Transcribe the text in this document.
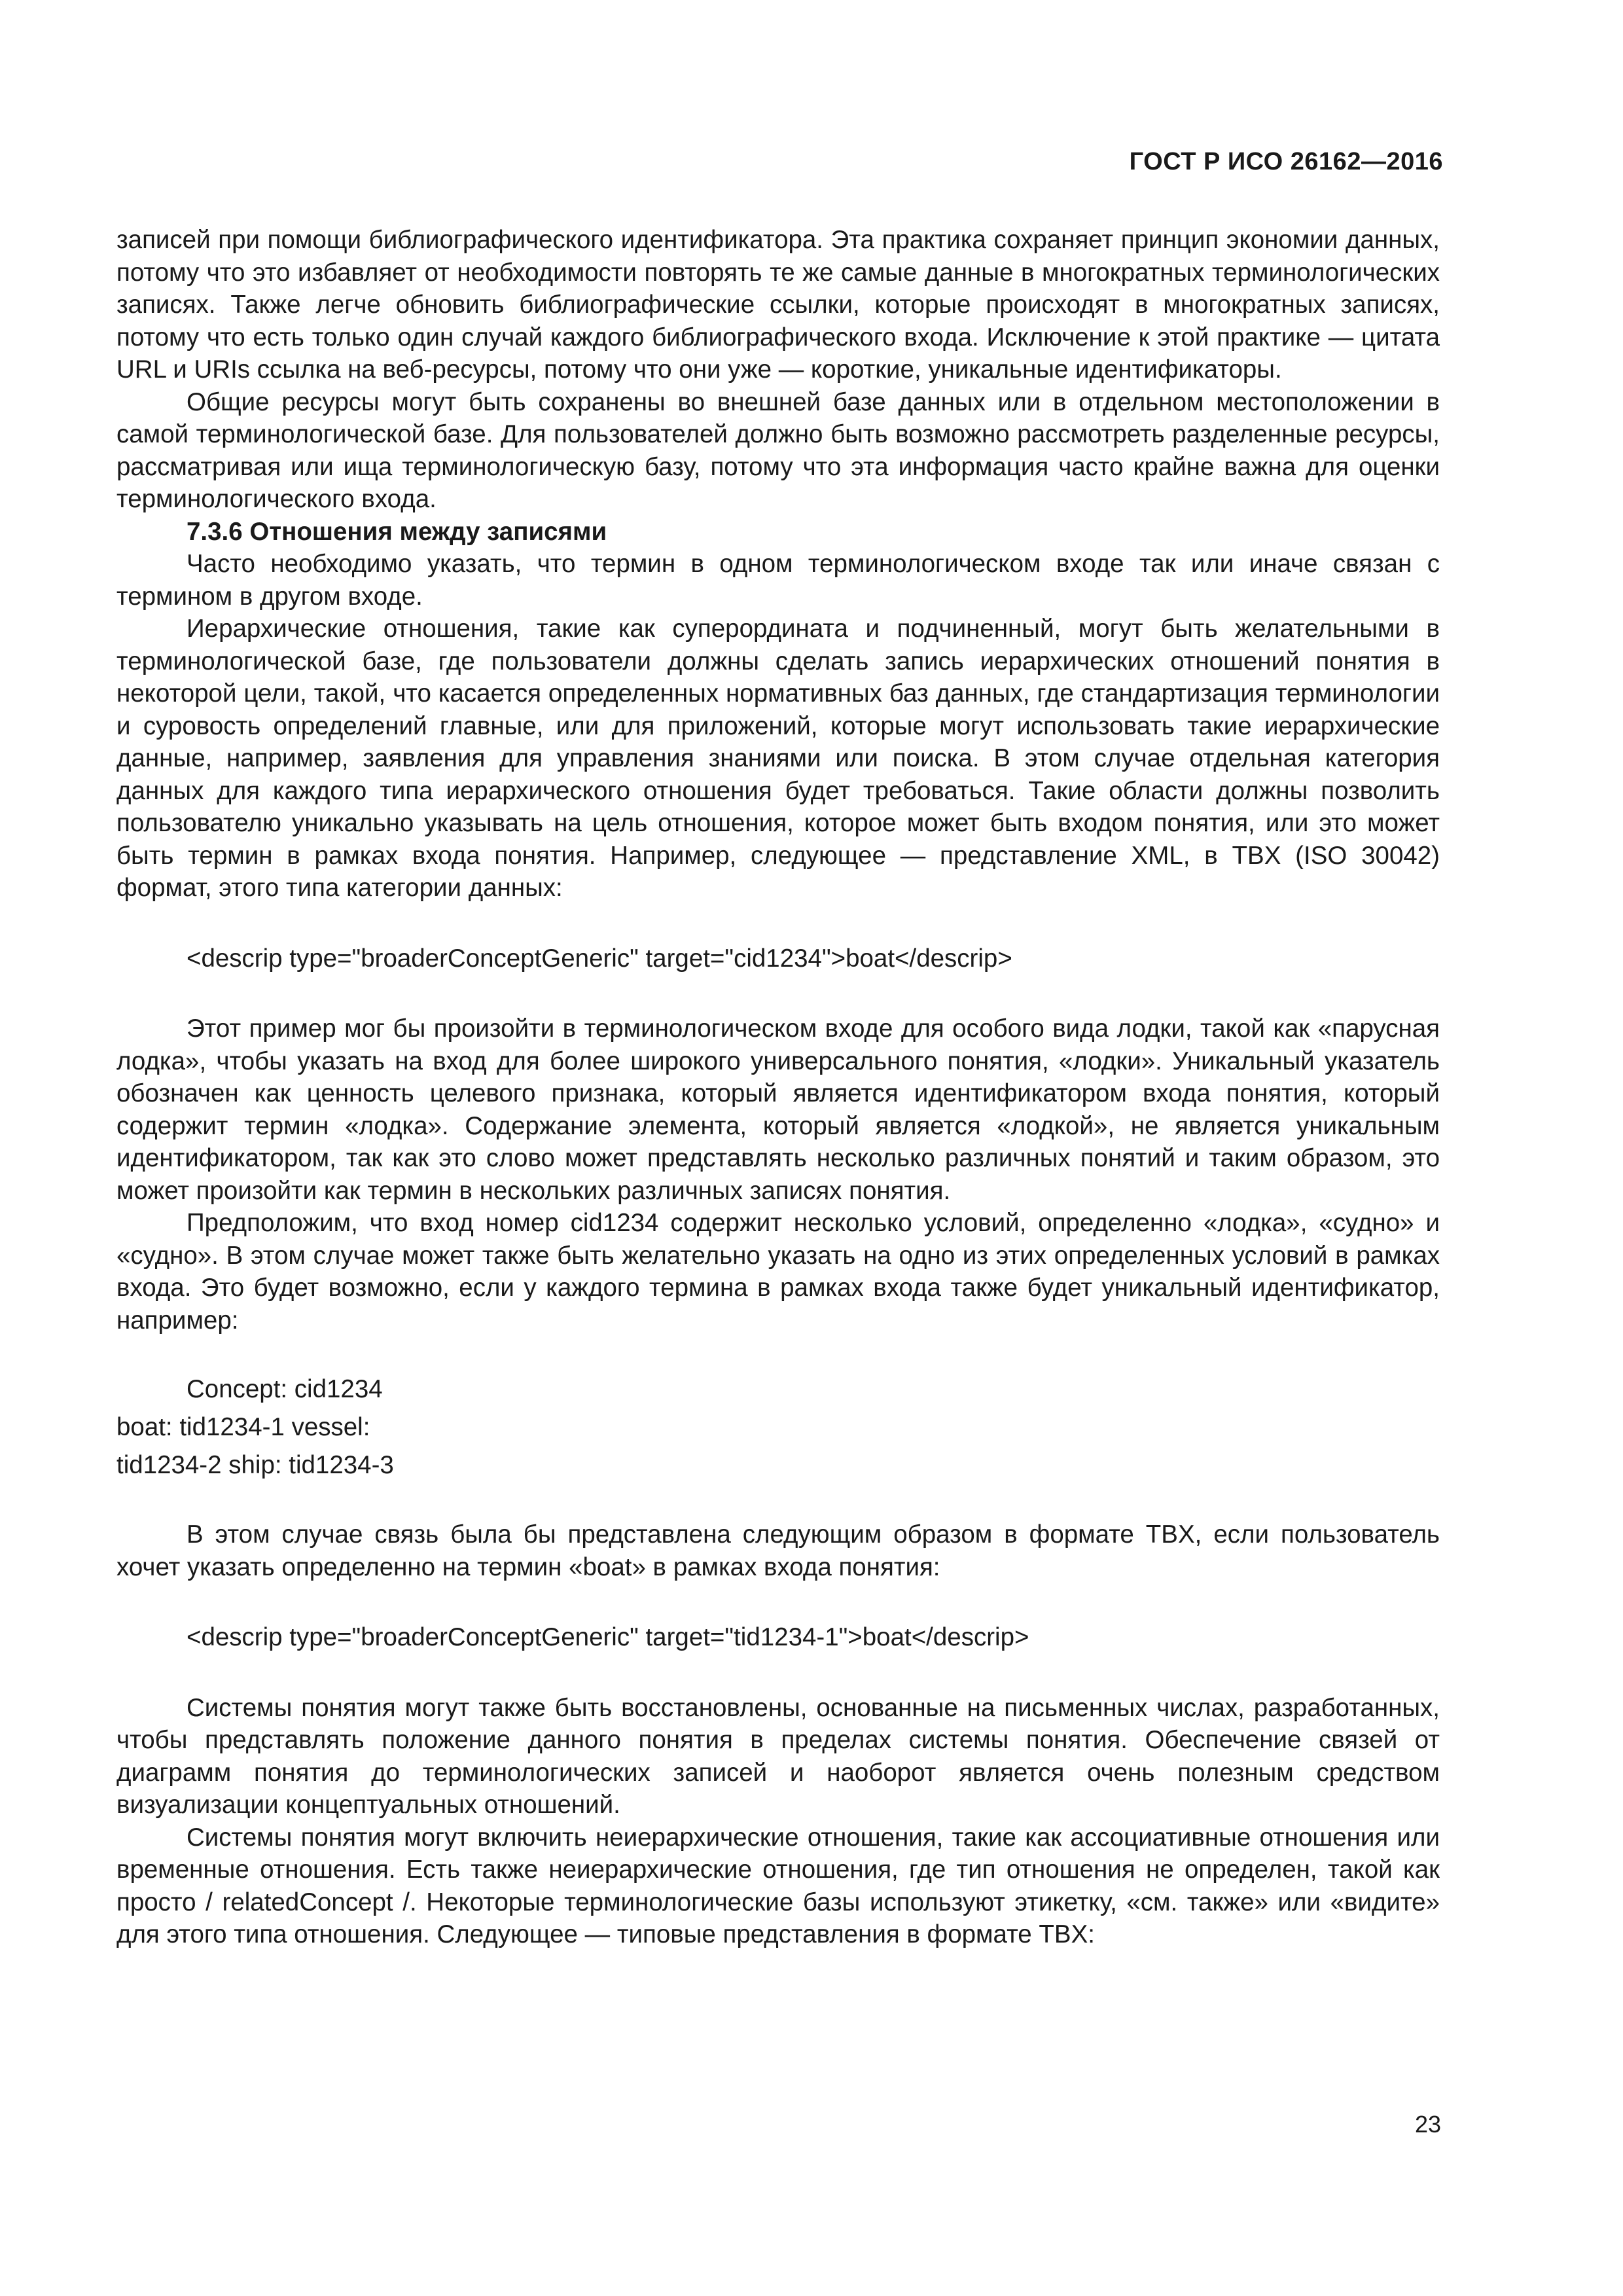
ГОСТ Р ИСО 26162—2016

записей при помощи библиографического идентификатора. Эта практика сохраняет принцип экономии данных, потому что это избавляет от необходимости повторять те же самые данные в многократных терминологических записях. Также легче обновить библиографические ссылки, которые происходят в многократных записях, потому что есть только один случай каждого библиографического входа. Исключение к этой практике — цитата URL и URIs ссылка на веб-ресурсы, потому что они уже — короткие, уникальные идентификаторы.

Общие ресурсы могут быть сохранены во внешней базе данных или в отдельном местоположении в самой терминологической базе. Для пользователей должно быть возможно рассмотреть разделенные ресурсы, рассматривая или ища терминологическую базу, потому что эта информация часто крайне важна для оценки терминологического входа.

7.3.6 Отношения между записями

Часто необходимо указать, что термин в одном терминологическом входе так или иначе связан с термином в другом входе.

Иерархические отношения, такие как суперордината и подчиненный, могут быть желательными в терминологической базе, где пользователи должны сделать запись иерархических отношений понятия в некоторой цели, такой, что касается определенных нормативных баз данных, где стандартизация терминологии и суровость определений главные, или для приложений, которые могут использовать такие иерархические данные, например, заявления для управления знаниями или поиска. В этом случае отдельная категория данных для каждого типа иерархического отношения будет требоваться. Такие области должны позволить пользователю уникально указывать на цель отношения, которое может быть входом понятия, или это может быть термин в рамках входа понятия. Например, следующее — представление XML, в TBX (ISO 30042) формат, этого типа категории данных:

<descrip type="broaderConceptGeneric" target="cid1234">boat</descrip>

Этот пример мог бы произойти в терминологическом входе для особого вида лодки, такой как «парусная лодка», чтобы указать на вход для более широкого универсального понятия, «лодки». Уникальный указатель обозначен как ценность целевого признака, который является идентификатором входа понятия, который содержит термин «лодка». Содержание элемента, который является «лодкой», не является уникальным идентификатором, так как это слово может представлять несколько различных понятий и таким образом, это может произойти как термин в нескольких различных записях понятия.

Предположим, что вход номер cid1234 содержит несколько условий, определенно «лодка», «судно» и «судно». В этом случае может также быть желательно указать на одно из этих определенных условий в рамках входа. Это будет возможно, если у каждого термина в рамках входа также будет уникальный идентификатор, например:

Concept: cid1234
boat: tid1234-1 vessel:
tid1234-2 ship: tid1234-3

В этом случае связь была бы представлена следующим образом в формате TBX, если пользователь хочет указать определенно на термин «boat» в рамках входа понятия:

<descrip type="broaderConceptGeneric" target="tid1234-1">boat</descrip>

Системы понятия могут также быть восстановлены, основанные на письменных числах, разработанных, чтобы представлять положение данного понятия в пределах системы понятия. Обеспечение связей от диаграмм понятия до терминологических записей и наоборот является очень полезным средством визуализации концептуальных отношений.

Системы понятия могут включить неиерархические отношения, такие как ассоциативные отношения или временные отношения. Есть также неиерархические отношения, где тип отношения не определен, такой как просто / relatedConcept /. Некоторые терминологические базы используют этикетку, «см. также» или «видите» для этого типа отношения. Следующее — типовые представления в формате TBX:

23
